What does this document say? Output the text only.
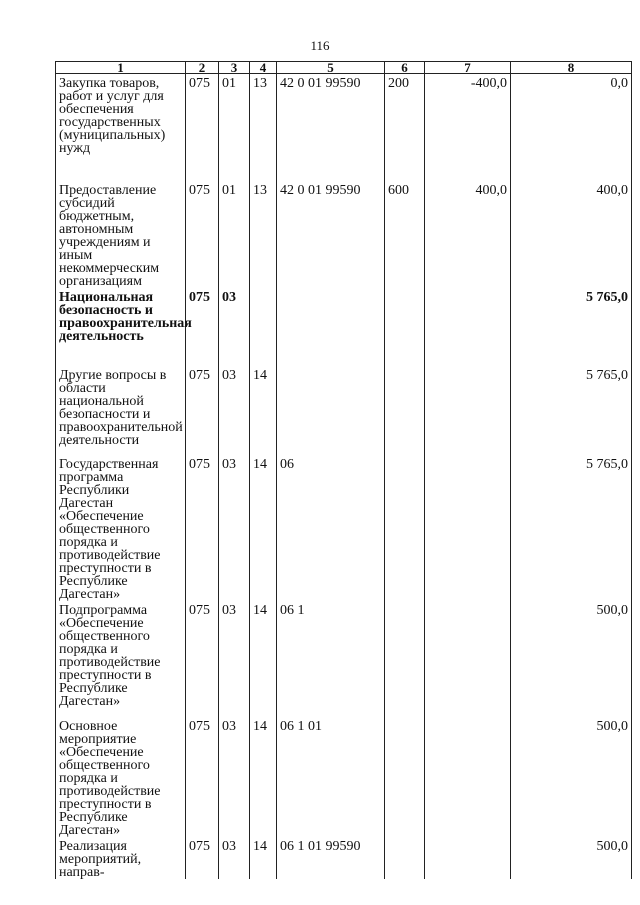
116
1	2	3	4	5	6	7	8
Закупка товаров, работ и услуг для обеспечения государственных (муниципальных) нужд	075	01	13	42 0 01 99590	200	-400,0	0,0
Предоставление субсидий бюджетным, автономным учреждениям и иным некоммерческим организациям	075	01	13	42 0 01 99590	600	400,0	400,0
Национальная безопасность и правоохранительная деятельность	075	03					5 765,0
Другие вопросы в области национальной безопасности и правоохранительной деятельности	075	03	14				5 765,0
Государственная программа Республики Дагестан «Обеспечение общественного порядка и противодействие преступности в Республике Дагестан»	075	03	14	06			5 765,0
Подпрограмма «Обеспечение общественного порядка и противодействие преступности в Республике Дагестан»	075	03	14	06 1			500,0
Основное мероприятие «Обеспечение общественного порядка и противодействие преступности в Республике Дагестан»	075	03	14	06 1 01			500,0
Реализация мероприятий, направ-	075	03	14	06 1 01 99590			500,0
